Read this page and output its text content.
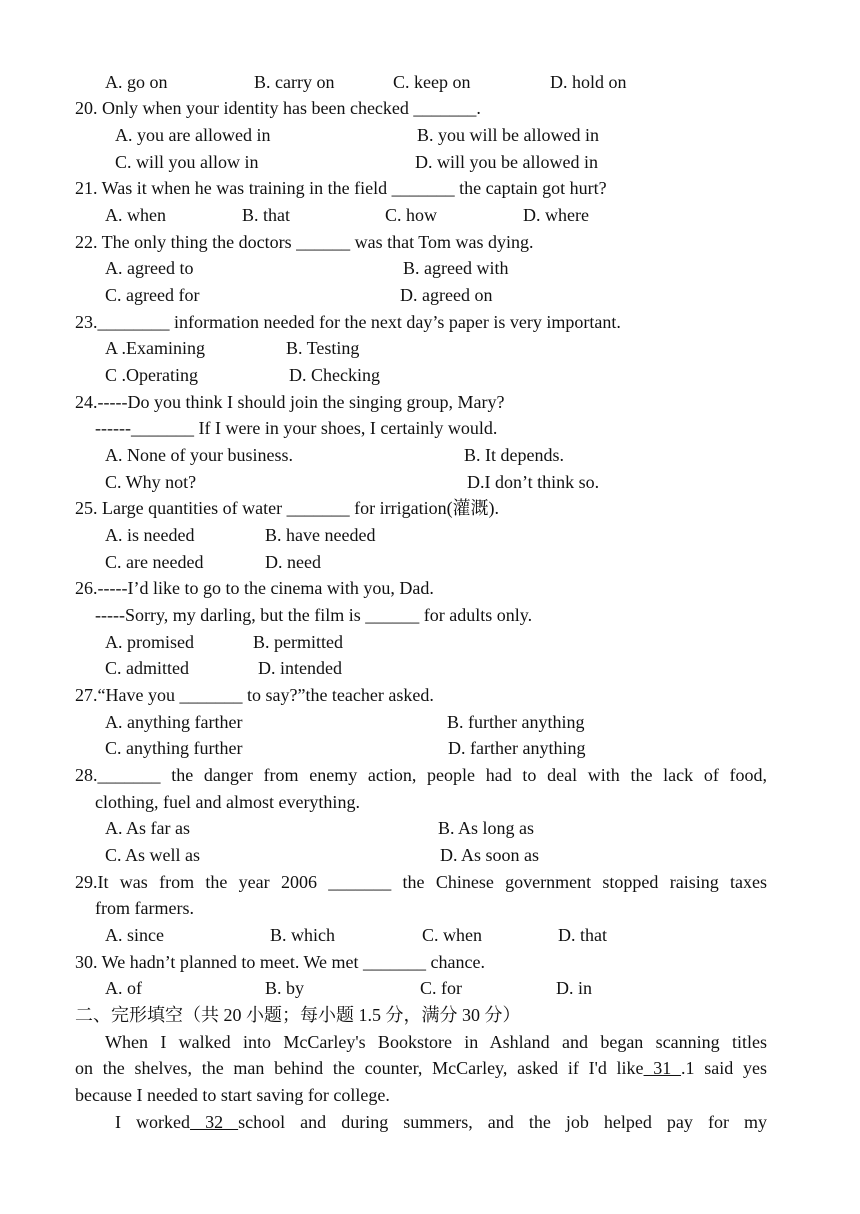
A. go on	B. carry on	C. keep on	D. hold on
20. Only when your identity has been checked _______.
A. you are allowed in	B. you will be allowed in
C. will you allow in	D. will you be allowed in
21. Was it when he was training in the field _______ the captain got hurt?
A. when	B. that	C. how	D. where
22. The only thing the doctors ______ was that Tom was dying.
A. agreed to	B. agreed with
C. agreed for	D. agreed on
23.________ information needed for the next day’s paper is very important.
A .Examining	B. Testing
C .Operating	D. Checking
24.-----Do you think I should join the singing group, Mary?
------_______ If I were in your shoes, I certainly would.
A. None of your business.	B. It depends.
C. Why not?	D.I don’t think so.
25. Large quantities of water _______ for irrigation(灌溉).
A. is needed	B. have needed
C. are needed	D. need
26.-----I’d like to go to the cinema with you, Dad.
-----Sorry, my darling, but the film is ______ for adults only.
A. promised	B. permitted
C. admitted	D. intended
27.“Have you _______ to say?”the teacher asked.
A. anything farther	B. further anything
C. anything further	D. farther anything
28._______ the danger from enemy action, people had to deal with the lack of food,
clothing, fuel and almost everything.
A. As far as	B. As long as
C. As well as	D. As soon as
29.It was from the year 2006 _______ the Chinese government stopped raising taxes
from farmers.
A. since	B. which	C. when	D. that
30. We hadn’t planned to meet. We met _______ chance.
A. of	B. by	C. for	D. in
二、完形填空（共 20 小题；每小题 1.5 分，满分 30 分）
When I walked into McCarley's Bookstore in Ashland and began scanning titles
on the shelves, the man behind the counter, McCarley, asked if I'd like 31 .1 said yes
because I needed to start saving for college.
I worked 32 school and during summers, and the job helped pay for my
